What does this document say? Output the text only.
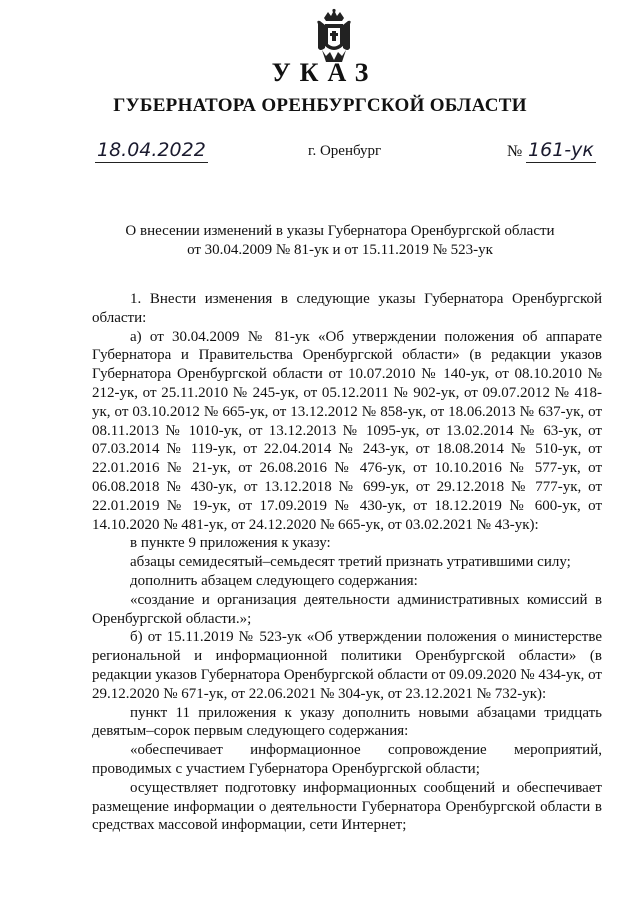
УКАЗ
ГУБЕРНАТОРА ОРЕНБУРГСКОЙ ОБЛАСТИ
18.04.2022	г. Оренбург	№ 161-ук
О внесении изменений в указы Губернатора Оренбургской области
от 30.04.2009 № 81-ук и от 15.11.2019 № 523-ук

1. Внести изменения в следующие указы Губернатора Оренбургской области:

а) от 30.04.2009 № 81-ук «Об утверждении положения об аппарате Губернатора и Правительства Оренбургской области» (в редакции указов Губернатора Оренбургской области от 10.07.2010 № 140-ук, от 08.10.2010 № 212-ук, от 25.11.2010 № 245-ук, от 05.12.2011 № 902-ук, от 09.07.2012 № 418-ук, от 03.10.2012 № 665-ук, от 13.12.2012 № 858-ук, от 18.06.2013 № 637-ук, от 08.11.2013 № 1010-ук, от 13.12.2013 № 1095-ук, от 13.02.2014 № 63-ук, от 07.03.2014 № 119-ук, от 22.04.2014 № 243-ук, от 18.08.2014 № 510-ук, от 22.01.2016 № 21-ук, от 26.08.2016 № 476-ук, от 10.10.2016 № 577-ук, от 06.08.2018 № 430-ук, от 13.12.2018 № 699-ук, от 29.12.2018 № 777-ук, от 22.01.2019 № 19-ук, от 17.09.2019 № 430-ук, от 18.12.2019 № 600-ук, от 14.10.2020 № 481-ук, от 24.12.2020 № 665-ук, от 03.02.2021 № 43-ук):

в пункте 9 приложения к указу:

абзацы семидесятый–семьдесят третий признать утратившими силу;

дополнить абзацем следующего содержания:

«создание и организация деятельности административных комиссий в Оренбургской области.»;

б) от 15.11.2019 № 523-ук «Об утверждении положения о министерстве региональной и информационной политики Оренбургской области» (в редакции указов Губернатора Оренбургской области от 09.09.2020 № 434-ук, от 29.12.2020 № 671-ук, от 22.06.2021 № 304-ук, от 23.12.2021 № 732-ук):

пункт 11 приложения к указу дополнить новыми абзацами тридцать девятым–сорок первым следующего содержания:

«обеспечивает информационное сопровождение мероприятий, проводимых с участием Губернатора Оренбургской области;

осуществляет подготовку информационных сообщений и обеспечивает размещение информации о деятельности Губернатора Оренбургской области в средствах массовой информации, сети Интернет;
